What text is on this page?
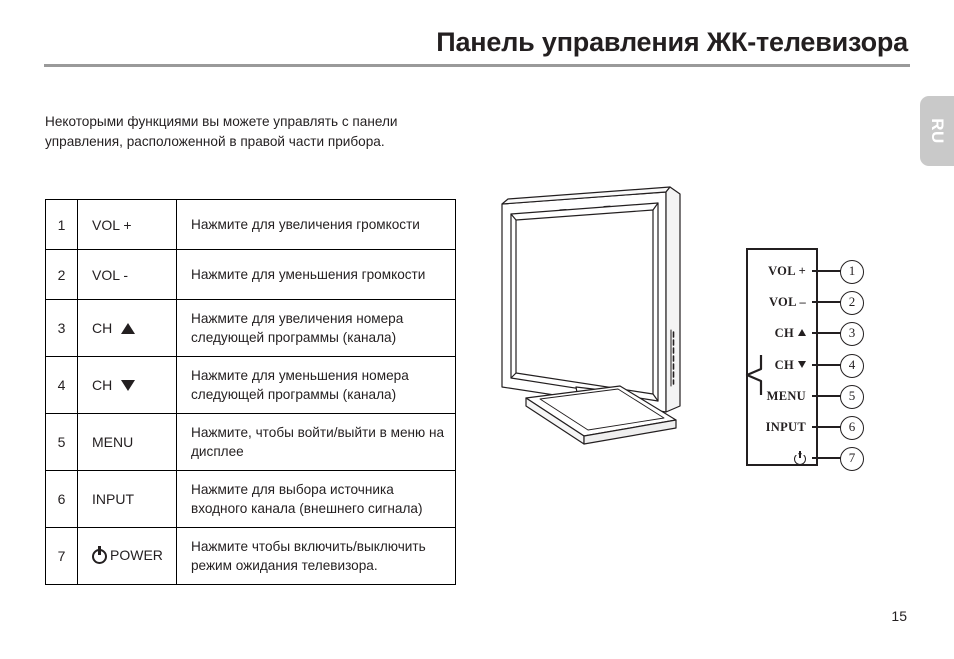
Панель управления ЖК-телевизора
RU
Некоторыми функциями вы можете управлять с панели управления, расположенной в правой части прибора.
1	VOL +	Нажмите для увеличения громкости
2	VOL -	Нажмите для уменьшения громкости
3	CH	Нажмите для увеличения номера следующей программы (канала)
4	CH	Нажмите для уменьшения номера следующей программы (канала)
5	MENU	Нажмите, чтобы войти/выйти в меню на дисплее
6	INPUT	Нажмите для выбора источника входного канала (внешнего сигнала)
7	POWER	Нажмите чтобы включить/выключить режим ожидания телевизора.
VOL +
VOL –
CH
CH
MENU
INPUT
1
2
3
4
5
6
7
15
